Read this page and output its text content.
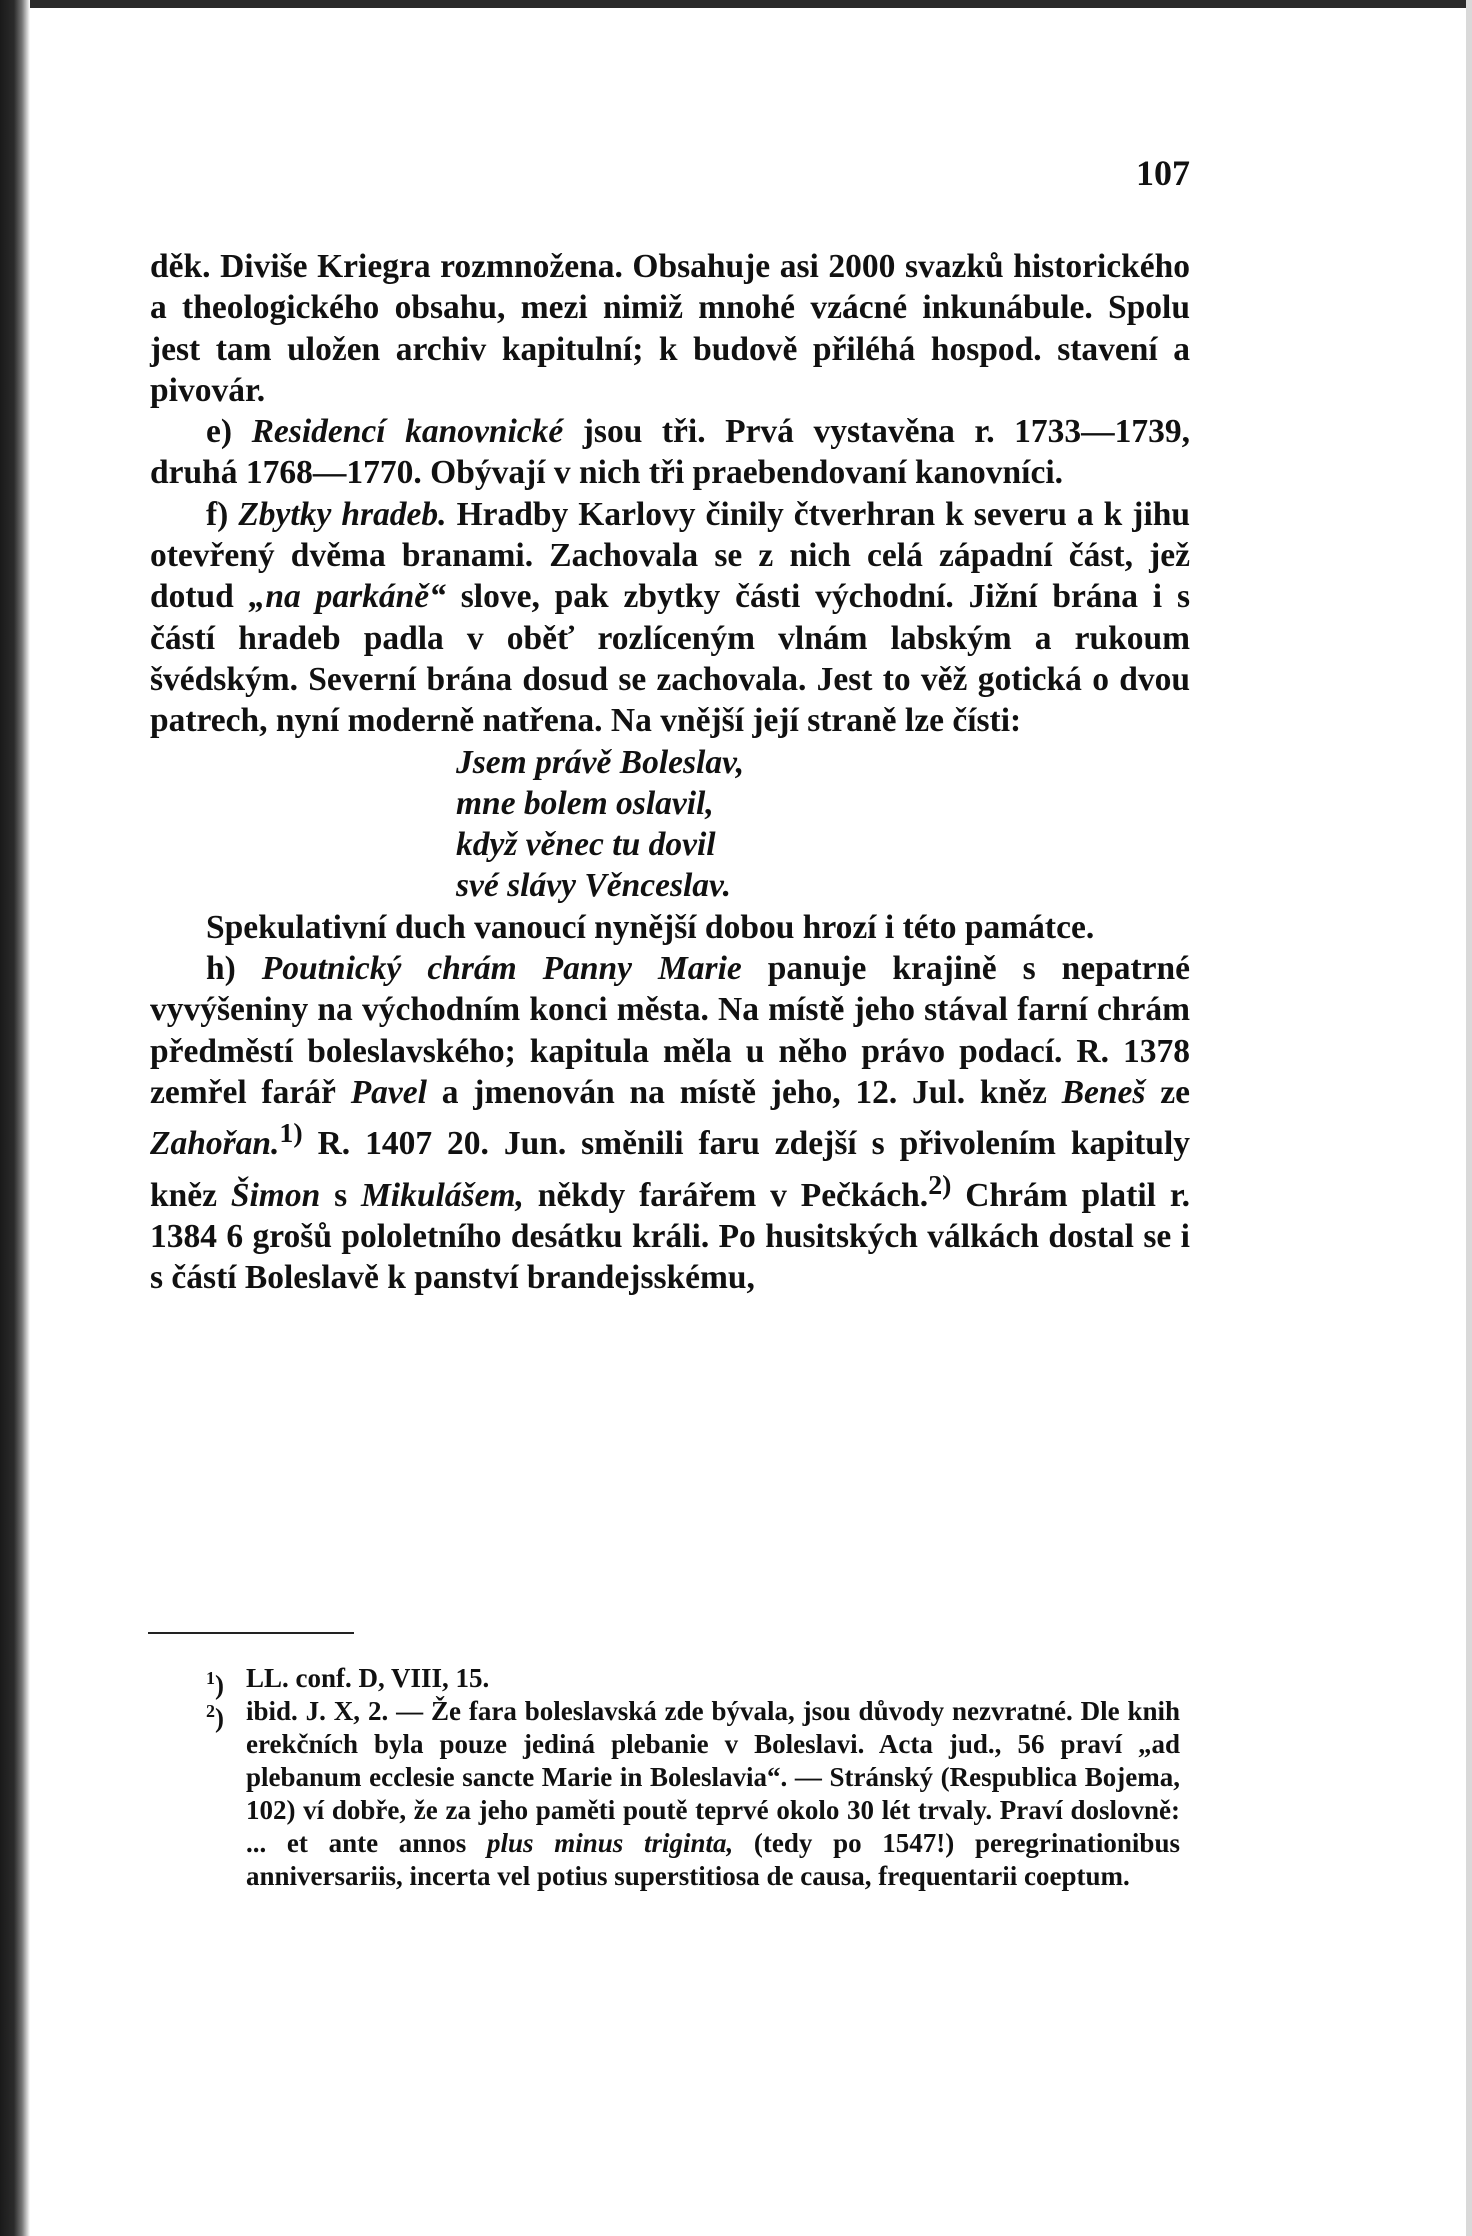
107

děk. Diviše Kriegra rozmnožena. Obsahuje asi 2000 svazků historického a theologického obsahu, mezi nimiž mnohé vzácné inkunábule. Spolu jest tam uložen archiv kapitulní; k budově přiléhá hospod. stavení a pivovár.

e) Residencí kanovnické jsou tři. Prvá vystavěna r. 1733—1739, druhá 1768—1770. Obývají v nich tři praebendovaní kanovníci.

f) Zbytky hradeb. Hradby Karlovy činily čtverhran k severu a k jihu otevřený dvěma branami. Zachovala se z nich celá západní část, jež dotud „na parkáně“ slove, pak zbytky části východní. Jižní brána i s částí hradeb padla v oběť rozlíceným vlnám labským a rukoum švédským. Severní brána dosud se zachovala. Jest to věž gotická o dvou patrech, nyní moderně natřena. Na vnější její straně lze čísti:

Jsem právě Boleslav,
mne bolem oslavil,
když věnec tu dovil
své slávy Věnceslav.

Spekulativní duch vanoucí nynější dobou hrozí i této památce.

h) Poutnický chrám Panny Marie panuje krajině s nepatrné vyvýšeniny na východním konci města. Na místě jeho stával farní chrám předměstí boleslavského; kapitula měla u něho právo podací. R. 1378 zemřel farář Pavel a jmenován na místě jeho, 12. Jul. kněz Beneš ze Zahořan.$^{1)}$ R. 1407 20. Jun. směnili faru zdejší s přivolením kapituly kněz Šimon s Mikulášem, někdy farářem v Pečkách.$^{2)}$ Chrám platil r. 1384 6 grošů pololetního desátku králi. Po husitských válkách dostal se i s částí Boleslavě k panství brandejsskému,

$^1$) LL. conf. D, VIII, 15.
$^2$) ibid. J. X, 2. — Že fara boleslavská zde bývala, jsou důvody nezvratné. Dle knih erekčních byla pouze jediná plebanie v Boleslavi. Acta jud., 56 praví „ad plebanum ecclesie sancte Marie in Boleslavia“. — Stránský (Respublica Bojema, 102) ví dobře, že za jeho paměti poutě teprvé okolo 30 lét trvaly. Praví doslovně: ... et ante annos plus minus triginta, (tedy po 1547!) peregrinationibus anniversariis, incerta vel potius superstitiosa de causa, frequentarii coeptum.
